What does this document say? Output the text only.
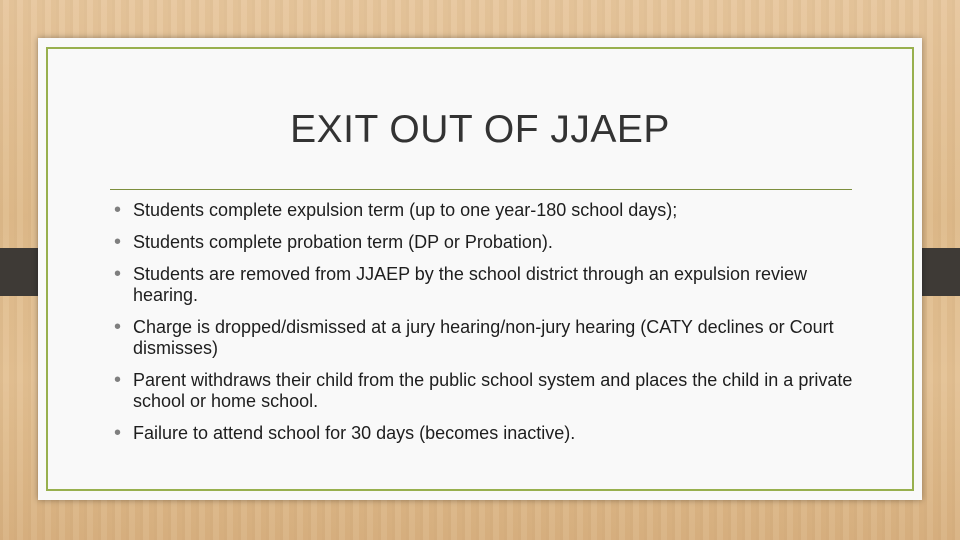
EXIT OUT OF JJAEP
• Students complete expulsion term (up to one year-180 school days);
• Students complete probation term (DP or Probation).
• Students are removed from JJAEP by the school district through an expulsion review hearing.
• Charge is dropped/dismissed at a jury hearing/non-jury hearing (CATY declines or Court dismisses)
• Parent withdraws their child from the public school system and places the child in a private school or home school.
• Failure to attend school for 30 days (becomes inactive).
